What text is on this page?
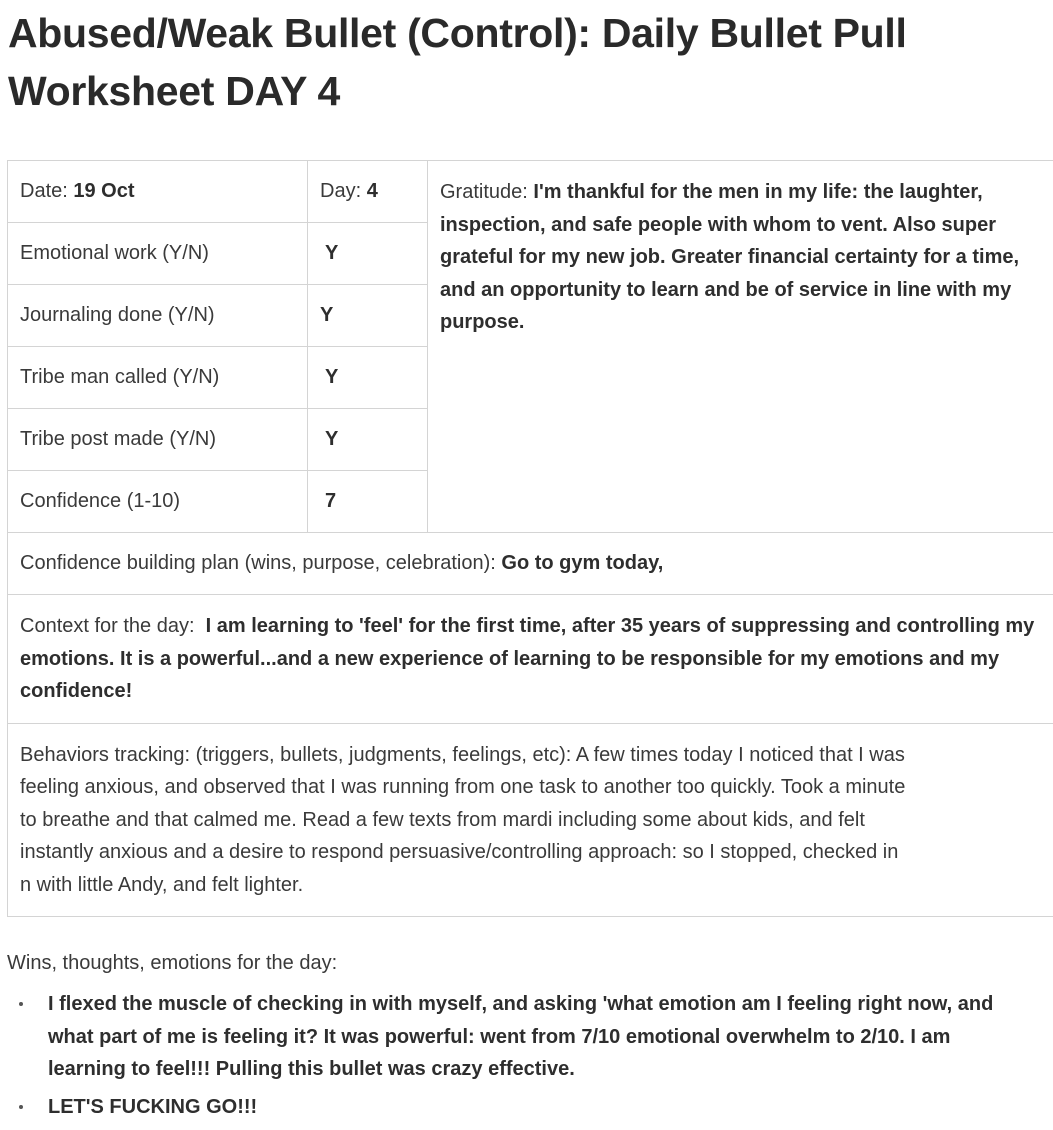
Abused/Weak Bullet (Control): Daily Bullet Pull Worksheet DAY 4
Date: 19 Oct	Day: 4	Gratitude: I'm thankful for the men in my life: the laughter, inspection, and safe people with whom to vent. Also super grateful for my new job. Greater financial certainty for a time, and an opportunity to learn and be of service in line with my purpose.
Emotional work (Y/N)	Y	
Journaling done (Y/N)	Y	
Tribe man called (Y/N)	Y	
Tribe post made (Y/N)	Y	
Confidence (1-10)	7	
Confidence building plan (wins, purpose, celebration): Go to gym today,		
Context for the day: I am learning to 'feel' for the first time, after 35 years of suppressing and controlling my emotions. It is a powerful...and a new experience of learning to be responsible for my emotions and my confidence!		

Behaviors tracking: (triggers, bullets, judgments, feelings, etc): A few times today I noticed that I was
feeling anxious, and observed that I was running from one task to another too quickly. Took a minute
to breathe and that calmed me. Read a few texts from mardi including some about kids, and felt
instantly anxious and a desire to respond persuasive/controlling approach: so I stopped, checked in
n with little Andy, and felt lighter.		

Wins, thoughts, emotions for the day:

I flexed the muscle of checking in with myself, and asking 'what emotion am I feeling right now, and what part of me is feeling it? It was powerful: went from 7/10 emotional overwhelm to 2/10. I am learning to feel!!! Pulling this bullet was crazy effective.
LET'S FUCKING GO!!!
